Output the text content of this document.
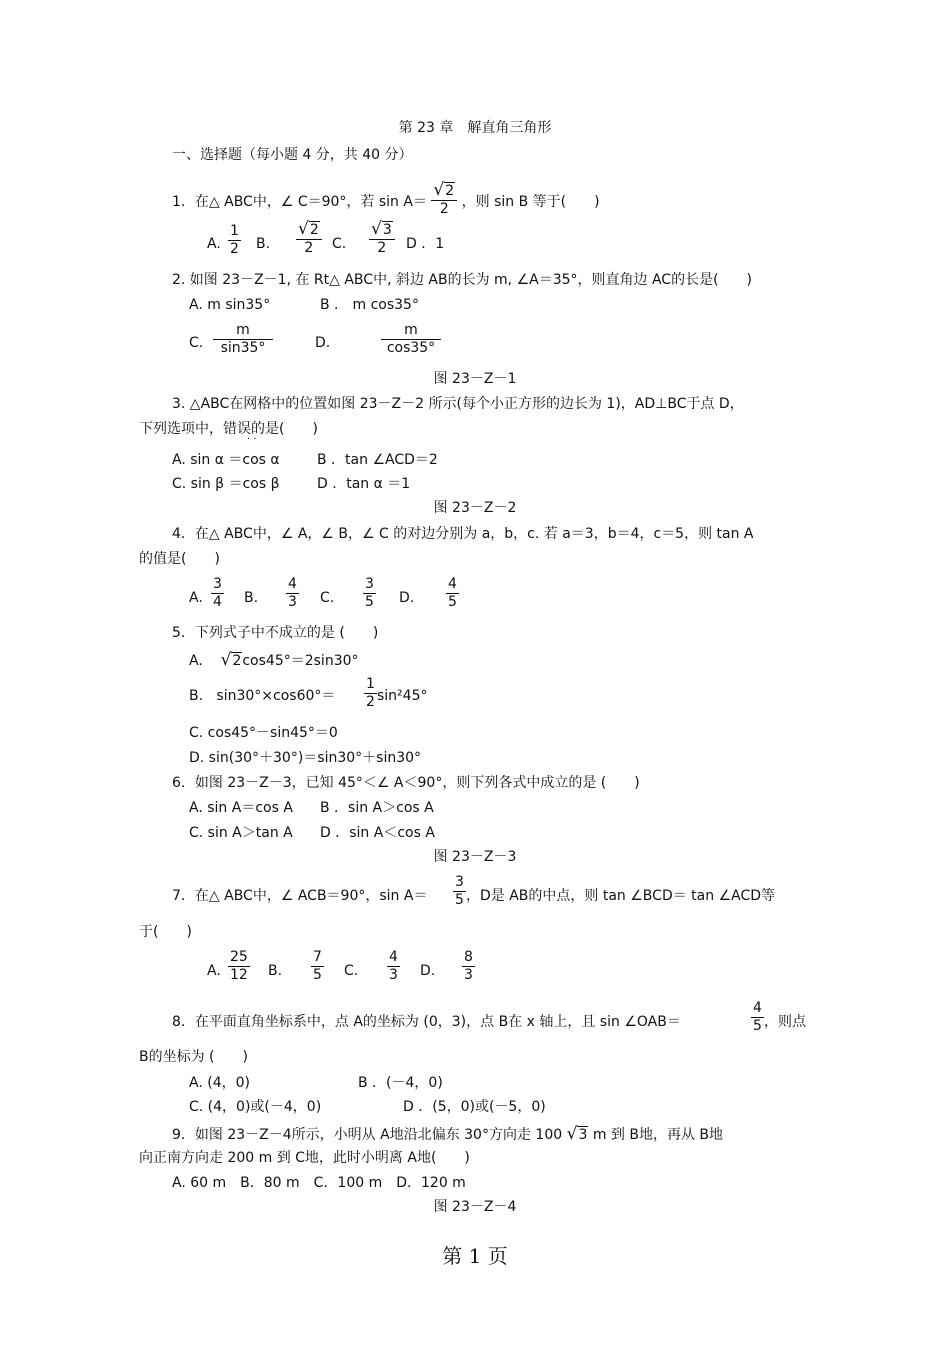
第 23 章　解直角三角形
一、选择题（每小题 4 分，共 40 分）
1．在△ ABC中，∠ C＝90°，若 $\sin A= \frac{√2}{2}$ ，则 sin B 等于(　　)
A. $\frac{1}{2} B$. $\frac{√2}{2} C$. $\frac{√3}{2}$ D ．1
2. 如图 23－Z－1, 在 Rt△ ABC中, 斜边 AB的长为 m, ∠A＝35°，则直角边 AC的长是(　　)
A. m sin35°	B ． m cos35°
C. $\frac{m}{\sin 35^\circ}$	D.	$\frac{m}{\cos 35^\circ}$
图 23－Z－1
3. △ABC在网格中的位置如图 23－Z－2 所示(每个小正方形的边长为 1)，AD⊥BC于点 D，
下列选项中，错误的是(　　)
· ·
A. sin α ＝cos α	B ．tan ∠ACD＝2
C. sin β ＝cos β	D ．tan α ＝1
图 23－Z－2
4．在△ ABC中，∠ A，∠ B，∠ C 的对边分别为 a，b，c. 若 a＝3，b＝4，c＝5，则 tan A
的值是(　　)
A. $\frac{3}{4} B$. $\frac{4}{3} C$. $\frac{3}{5} D$. $\frac{4}{5}$
5．下列式子中不成立的是 (　　)
A. √2cos45°＝2sin30°
B. $\sin 30^\circ\times\cos 60^\circ= \frac{1}{2} \sin^245^\circ$
C. cos45°－sin45°＝0
D. sin(30°＋30°)＝sin30°＋sin30°
6．如图 23－Z－3，已知 45°＜∠ A＜90°，则下列各式中成立的是 (　　)
A. sin A＝cos A B ．sin A＞cos A
C. sin A＞tan A D ．sin A＜cos A
图 23－Z－3
7．在△ ABC中，∠ ACB＝90°，$\sin A= \frac{3}{5}$ ，D是 AB的中点，则 tan ∠BCD＝ tan ∠ACD等
于(　　)
A. $\frac{25}{12} B$. $\frac{7}{5} C$. $\frac{4}{3} D$. $\frac{8}{3}$
8．在平面直角坐标系中，点 A的坐标为 (0，3)，点 B在 x 轴上，且 sin ∠OAB＝	$\frac{4}{5}$ ，则点
B的坐标为 (　　)
A. (4，0)	B ．(－4，0)
C. (4，0)或(－4，0)	D ．(5，0)或(－5，0)
9．如图 23－Z－4所示，小明从 A地沿北偏东 30°方向走 100 √3 m 到 B地，再从 B地
向正南方向走 200 m 到 C地，此时小明离 A地(　　)
A. 60 m　B．80 m　C．100 m　D．120 m
图 23－Z－4
第 1 页
